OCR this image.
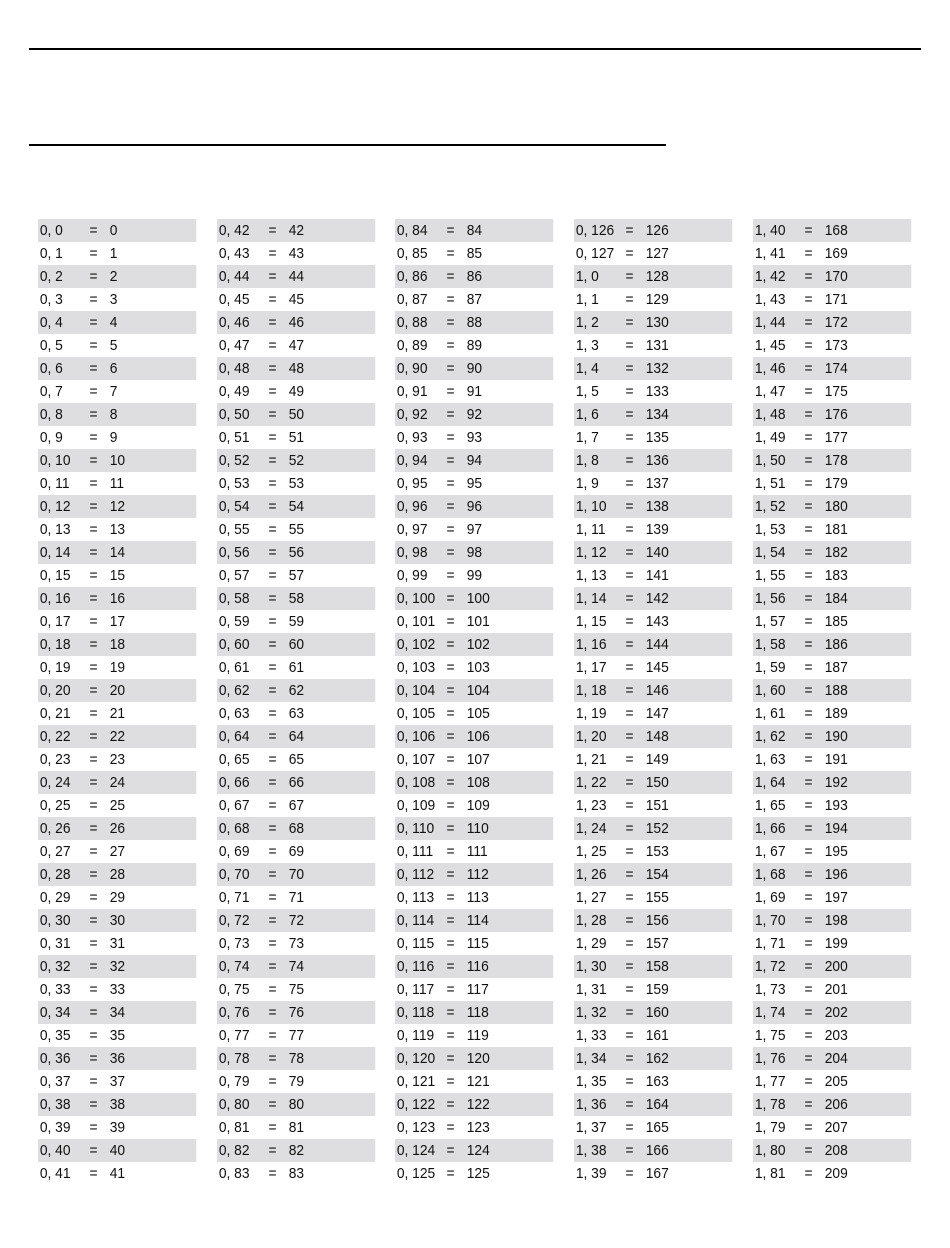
0, 0 = 0
0, 1 = 1
0, 2 = 2
0, 3 = 3
0, 4 = 4
0, 5 = 5
0, 6 = 6
0, 7 = 7
0, 8 = 8
0, 9 = 9
0, 10 = 10
0, 11 = 11
0, 12 = 12
0, 13 = 13
0, 14 = 14
0, 15 = 15
0, 16 = 16
0, 17 = 17
0, 18 = 18
0, 19 = 19
0, 20 = 20
0, 21 = 21
0, 22 = 22
0, 23 = 23
0, 24 = 24
0, 25 = 25
0, 26 = 26
0, 27 = 27
0, 28 = 28
0, 29 = 29
0, 30 = 30
0, 31 = 31
0, 32 = 32
0, 33 = 33
0, 34 = 34
0, 35 = 35
0, 36 = 36
0, 37 = 37
0, 38 = 38
0, 39 = 39
0, 40 = 40
0, 41 = 41
0, 42 = 42
0, 43 = 43
0, 44 = 44
0, 45 = 45
0, 46 = 46
0, 47 = 47
0, 48 = 48
0, 49 = 49
0, 50 = 50
0, 51 = 51
0, 52 = 52
0, 53 = 53
0, 54 = 54
0, 55 = 55
0, 56 = 56
0, 57 = 57
0, 58 = 58
0, 59 = 59
0, 60 = 60
0, 61 = 61
0, 62 = 62
0, 63 = 63
0, 64 = 64
0, 65 = 65
0, 66 = 66
0, 67 = 67
0, 68 = 68
0, 69 = 69
0, 70 = 70
0, 71 = 71
0, 72 = 72
0, 73 = 73
0, 74 = 74
0, 75 = 75
0, 76 = 76
0, 77 = 77
0, 78 = 78
0, 79 = 79
0, 80 = 80
0, 81 = 81
0, 82 = 82
0, 83 = 83
0, 84 = 84
0, 85 = 85
0, 86 = 86
0, 87 = 87
0, 88 = 88
0, 89 = 89
0, 90 = 90
0, 91 = 91
0, 92 = 92
0, 93 = 93
0, 94 = 94
0, 95 = 95
0, 96 = 96
0, 97 = 97
0, 98 = 98
0, 99 = 99
0, 100 = 100
0, 101 = 101
0, 102 = 102
0, 103 = 103
0, 104 = 104
0, 105 = 105
0, 106 = 106
0, 107 = 107
0, 108 = 108
0, 109 = 109
0, 110 = 110
0, 111 = 111
0, 112 = 112
0, 113 = 113
0, 114 = 114
0, 115 = 115
0, 116 = 116
0, 117 = 117
0, 118 = 118
0, 119 = 119
0, 120 = 120
0, 121 = 121
0, 122 = 122
0, 123 = 123
0, 124 = 124
0, 125 = 125
0, 126 = 126
0, 127 = 127
1, 0 = 128
1, 1 = 129
1, 2 = 130
1, 3 = 131
1, 4 = 132
1, 5 = 133
1, 6 = 134
1, 7 = 135
1, 8 = 136
1, 9 = 137
1, 10 = 138
1, 11 = 139
1, 12 = 140
1, 13 = 141
1, 14 = 142
1, 15 = 143
1, 16 = 144
1, 17 = 145
1, 18 = 146
1, 19 = 147
1, 20 = 148
1, 21 = 149
1, 22 = 150
1, 23 = 151
1, 24 = 152
1, 25 = 153
1, 26 = 154
1, 27 = 155
1, 28 = 156
1, 29 = 157
1, 30 = 158
1, 31 = 159
1, 32 = 160
1, 33 = 161
1, 34 = 162
1, 35 = 163
1, 36 = 164
1, 37 = 165
1, 38 = 166
1, 39 = 167
1, 40 = 168
1, 41 = 169
1, 42 = 170
1, 43 = 171
1, 44 = 172
1, 45 = 173
1, 46 = 174
1, 47 = 175
1, 48 = 176
1, 49 = 177
1, 50 = 178
1, 51 = 179
1, 52 = 180
1, 53 = 181
1, 54 = 182
1, 55 = 183
1, 56 = 184
1, 57 = 185
1, 58 = 186
1, 59 = 187
1, 60 = 188
1, 61 = 189
1, 62 = 190
1, 63 = 191
1, 64 = 192
1, 65 = 193
1, 66 = 194
1, 67 = 195
1, 68 = 196
1, 69 = 197
1, 70 = 198
1, 71 = 199
1, 72 = 200
1, 73 = 201
1, 74 = 202
1, 75 = 203
1, 76 = 204
1, 77 = 205
1, 78 = 206
1, 79 = 207
1, 80 = 208
1, 81 = 209
